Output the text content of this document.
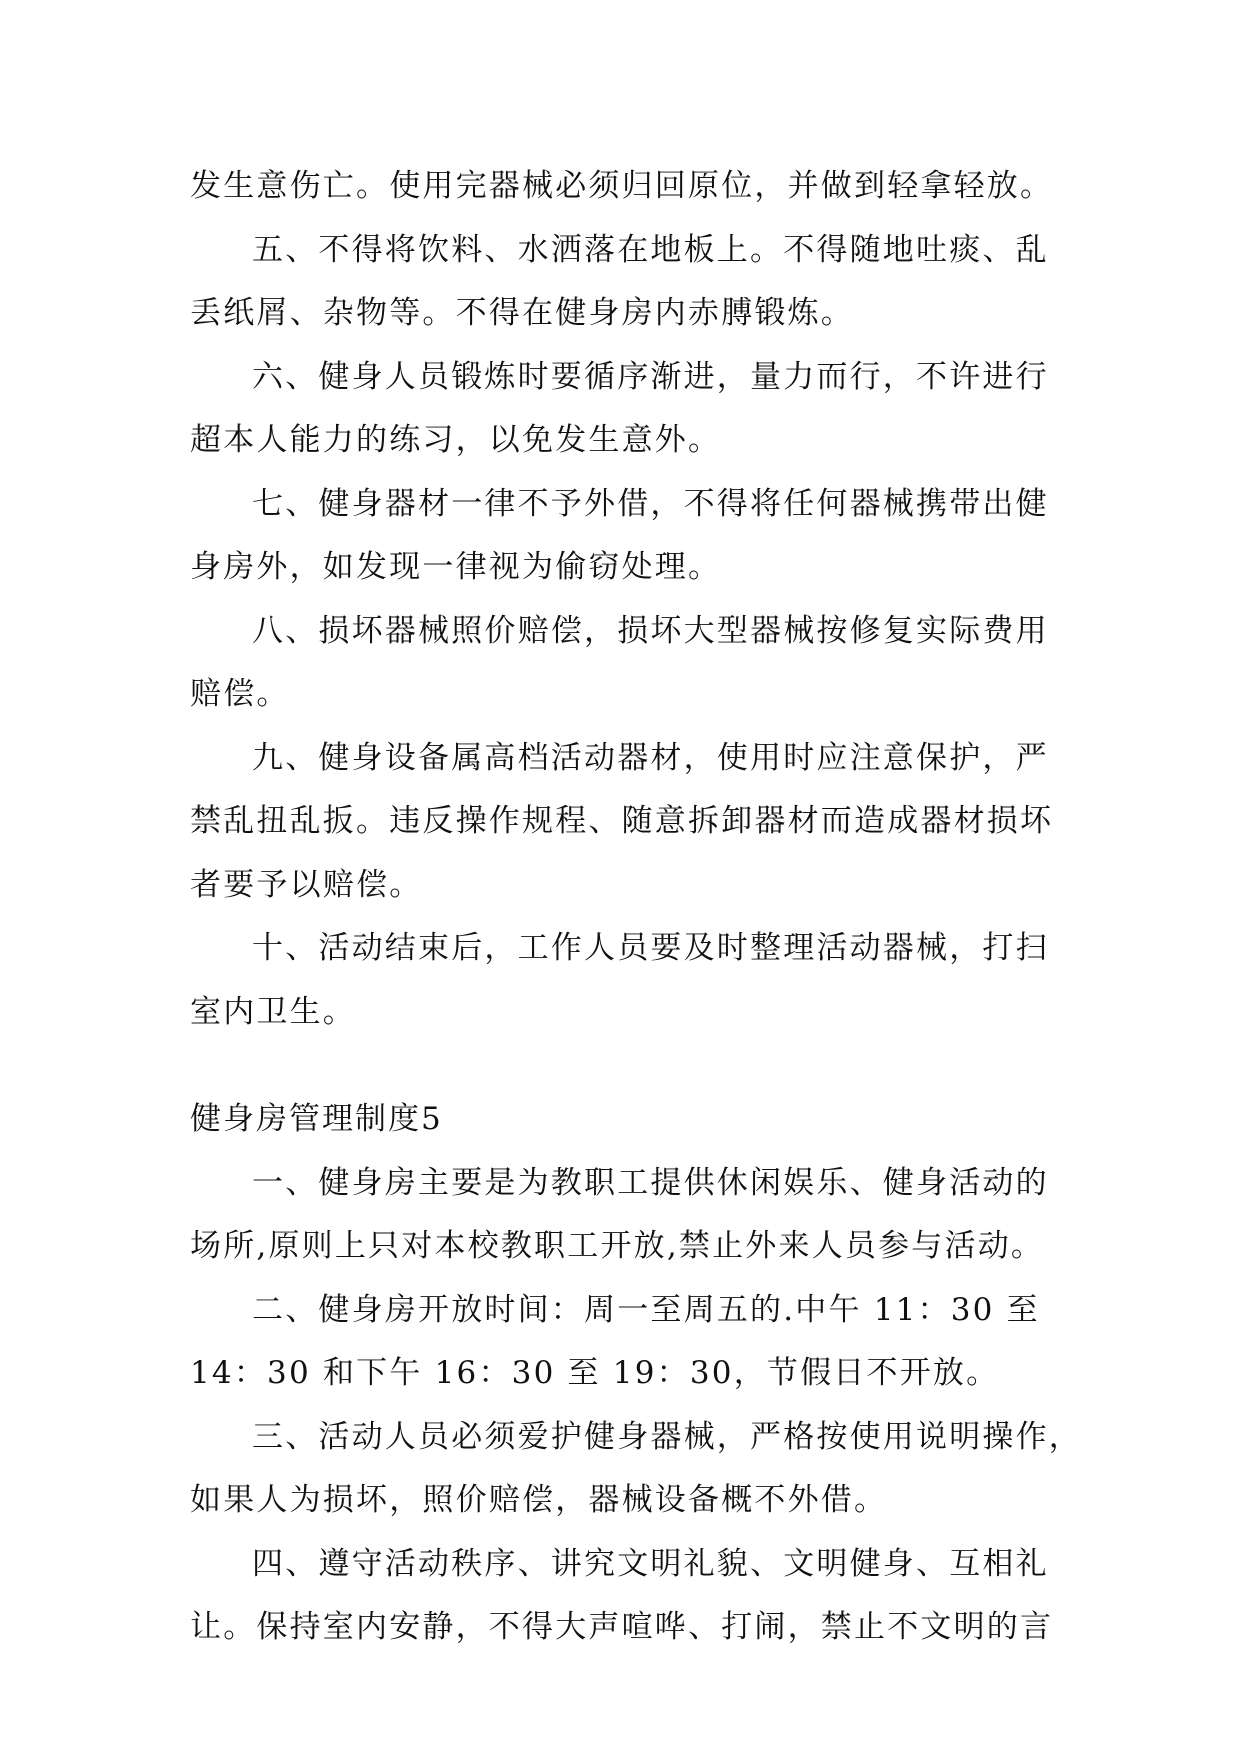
发生意伤亡。使用完器械必须归回原位，并做到轻拿轻放。
五、不得将饮料、水洒落在地板上。不得随地吐痰、乱
丢纸屑、杂物等。不得在健身房内赤膊锻炼。
六、健身人员锻炼时要循序渐进，量力而行，不许进行
超本人能力的练习，以免发生意外。
七、健身器材一律不予外借，不得将任何器械携带出健
身房外，如发现一律视为偷窃处理。
八、损坏器械照价赔偿，损坏大型器械按修复实际费用
赔偿。
九、健身设备属高档活动器材，使用时应注意保护，严
禁乱扭乱扳。违反操作规程、随意拆卸器材而造成器材损坏
者要予以赔偿。
十、活动结束后，工作人员要及时整理活动器械，打扫
室内卫生。
健身房管理制度5
一、健身房主要是为教职工提供休闲娱乐、健身活动的
场所,原则上只对本校教职工开放,禁止外来人员参与活动。
二、健身房开放时间：周一至周五的.中午 11：30 至
14：30 和下午 16：30 至 19：30，节假日不开放。
三、活动人员必须爱护健身器械，严格按使用说明操作，
如果人为损坏，照价赔偿，器械设备概不外借。
四、遵守活动秩序、讲究文明礼貌、文明健身、互相礼
让。保持室内安静，不得大声喧哗、打闹，禁止不文明的言
